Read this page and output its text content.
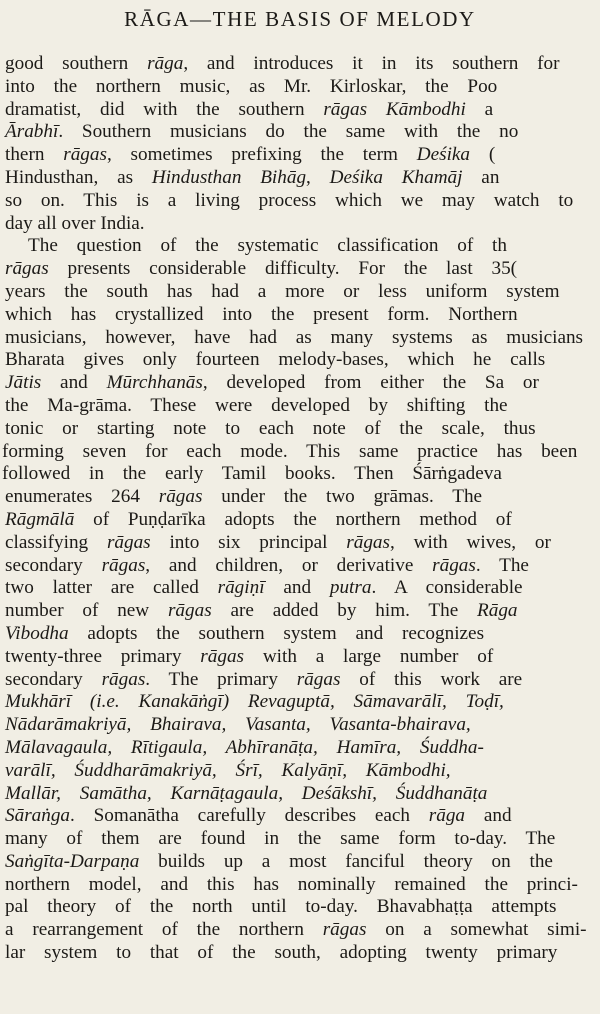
RĀGA—THE BASIS OF MELODY
good southern rāga, and introduces it in its southern for
into the northern music, as Mr. Kirloskar, the Poo
dramatist, did with the southern rāgas Kāmbodhi a
Ārabhī. Southern musicians do the same with the no
thern rāgas, sometimes prefixing the term Deśika (
Hindusthan, as Hindusthan Bihāg, Deśika Khamāj an
so on. This is a living process which we may watch to
day all over India.
The question of the systematic classification of th
rāgas presents considerable difficulty. For the last 35(
years the south has had a more or less uniform system
which has crystallized into the present form. Northern
musicians, however, have had as many systems as musicians
Bharata gives only fourteen melody-bases, which he calls
Jātis and Mūrchhanās, developed from either the Sa or
the Ma-grāma. These were developed by shifting the
tonic or starting note to each note of the scale, thus
forming seven for each mode. This same practice has been
followed in the early Tamil books. Then Śārṅgadeva
enumerates 264 rāgas under the two grāmas. The
Rāgmālā of Puṇḍarīka adopts the northern method of
classifying rāgas into six principal rāgas, with wives, or
secondary rāgas, and children, or derivative rāgas. The
two latter are called rāgiṇī and putra. A considerable
number of new rāgas are added by him. The Rāga
Vibodha adopts the southern system and recognizes
twenty-three primary rāgas with a large number of
secondary rāgas. The primary rāgas of this work are
Mukhārī (i.e. Kanakāṅgī) Revaguptā, Sāmavarālī, Toḍī,
Nādarāmakriyā, Bhairava, Vasanta, Vasanta-bhairava,
Mālavagaula, Rītigaula, Abhīranāṭa, Hamīra, Śuddha-
varālī, Śuddharāmakriyā, Śrī, Kalyāṇī, Kāmbodhi,
Mallār, Samātha, Karnāṭagaula, Deśākshī, Śuddhanāṭa
Sāraṅga. Somanātha carefully describes each rāga and
many of them are found in the same form to-day. The
Saṅgīta-Darpaṇa builds up a most fanciful theory on the
northern model, and this has nominally remained the princi-
pal theory of the north until to-day. Bhavabhaṭṭa attempts
a rearrangement of the northern rāgas on a somewhat simi-
lar system to that of the south, adopting twenty primary
